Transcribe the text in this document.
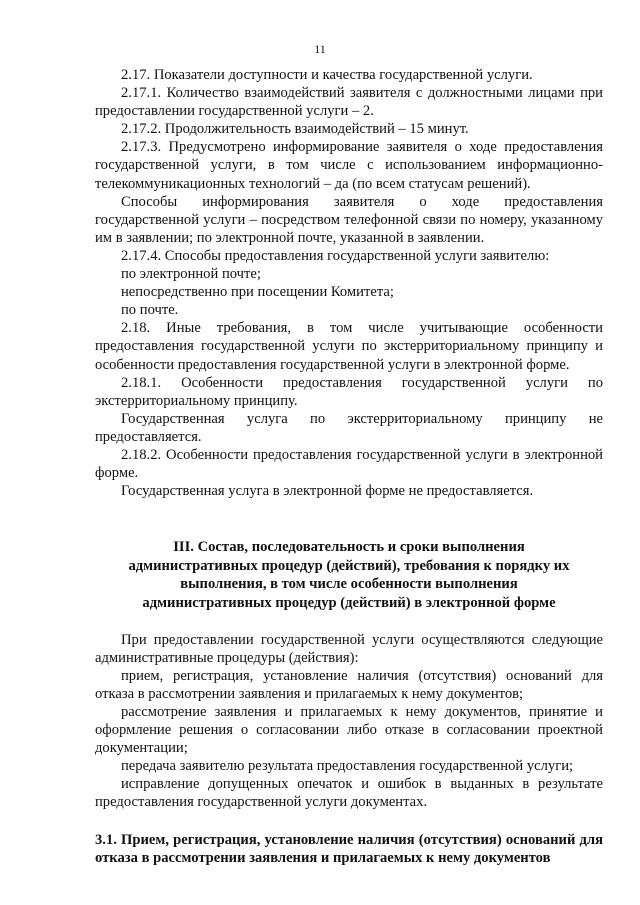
11

2.17. Показатели доступности и качества государственной услуги.

2.17.1. Количество взаимодействий заявителя с должностными лицами при предоставлении государственной услуги – 2.

2.17.2. Продолжительность взаимодействий – 15 минут.

2.17.3. Предусмотрено информирование заявителя о ходе предоставления государственной услуги, в том числе с использованием информационно-телекоммуникационных технологий – да (по всем статусам решений).

Способы информирования заявителя о ходе предоставления государственной услуги – посредством телефонной связи по номеру, указанному им в заявлении; по электронной почте, указанной в заявлении.

2.17.4. Способы предоставления государственной услуги заявителю:

по электронной почте;

непосредственно при посещении Комитета;

по почте.

2.18. Иные требования, в том числе учитывающие особенности предоставления государственной услуги по экстерриториальному принципу и особенности предоставления государственной услуги в электронной форме.

2.18.1. Особенности предоставления государственной услуги по экстерриториальному принципу.

Государственная услуга по экстерриториальному принципу не предоставляется.

2.18.2. Особенности предоставления государственной услуги в электронной форме.

Государственная услуга в электронной форме не предоставляется.

III. Состав, последовательность и сроки выполнения административных процедур (действий), требования к порядку их выполнения, в том числе особенности выполнения административных процедур (действий) в электронной форме

При предоставлении государственной услуги осуществляются следующие административные процедуры (действия):

прием, регистрация, установление наличия (отсутствия) оснований для отказа в рассмотрении заявления и прилагаемых к нему документов;

рассмотрение заявления и прилагаемых к нему документов, принятие и оформление решения о согласовании либо отказе в согласовании проектной документации;

передача заявителю результата предоставления государственной услуги;

исправление допущенных опечаток и ошибок в выданных в результате предоставления государственной услуги документах.

3.1. Прием, регистрация, установление наличия (отсутствия) оснований для отказа в рассмотрении заявления и прилагаемых к нему документов
